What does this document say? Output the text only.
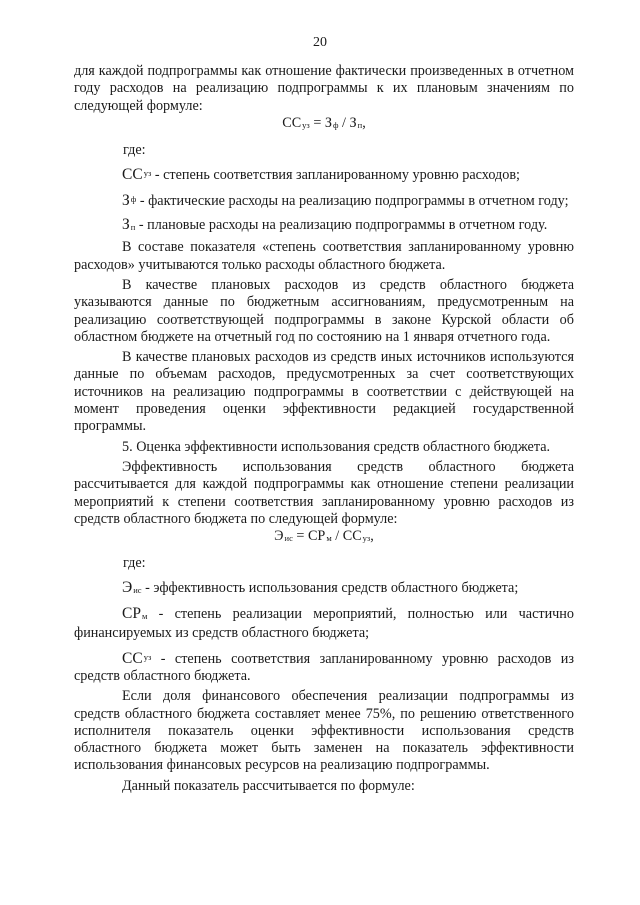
20

для каждой подпрограммы как отношение фактически произведенных в отчетном году расходов на реализацию подпрограммы к их плановым значениям по следующей формуле:

ССуз = Зф / Зп,

где:

$СС^{уз}$ - степень соответствия запланированному уровню расходов;

$З^ф$ - фактические расходы на реализацию подпрограммы в отчетном году;

Зп - плановые расходы на реализацию подпрограммы в отчетном году.

В составе показателя «степень соответствия запланированному уровню расходов» учитываются только расходы областного бюджета.

В качестве плановых расходов из средств областного бюджета указываются данные по бюджетным ассигнованиям, предусмотренным на реализацию соответствующей подпрограммы в законе Курской области об областном бюджете на отчетный год по состоянию на 1 января отчетного года.

В качестве плановых расходов из средств иных источников используются данные по объемам расходов, предусмотренных за счет соответствующих источников на реализацию подпрограммы в соответствии с действующей на момент проведения оценки эффективности редакцией государственной программы.

5. Оценка эффективности использования средств областного бюджета.

Эффективность использования средств областного бюджета рассчитывается для каждой подпрограммы как отношение степени реализации мероприятий к степени соответствия запланированному уровню расходов из средств областного бюджета по следующей формуле:

Эис = СРм / ССуз,

где:

Эис - эффективность использования средств областного бюджета;

СРм - степень реализации мероприятий, полностью или частично финансируемых из средств областного бюджета;

$СС^{уз}$ - степень соответствия запланированному уровню расходов из средств областного бюджета.

Если доля финансового обеспечения реализации подпрограммы из средств областного бюджета составляет менее 75%, по решению ответственного исполнителя показатель оценки эффективности использования средств областного бюджета может быть заменен на показатель эффективности использования финансовых ресурсов на реализацию подпрограммы.

Данный показатель рассчитывается по формуле:
